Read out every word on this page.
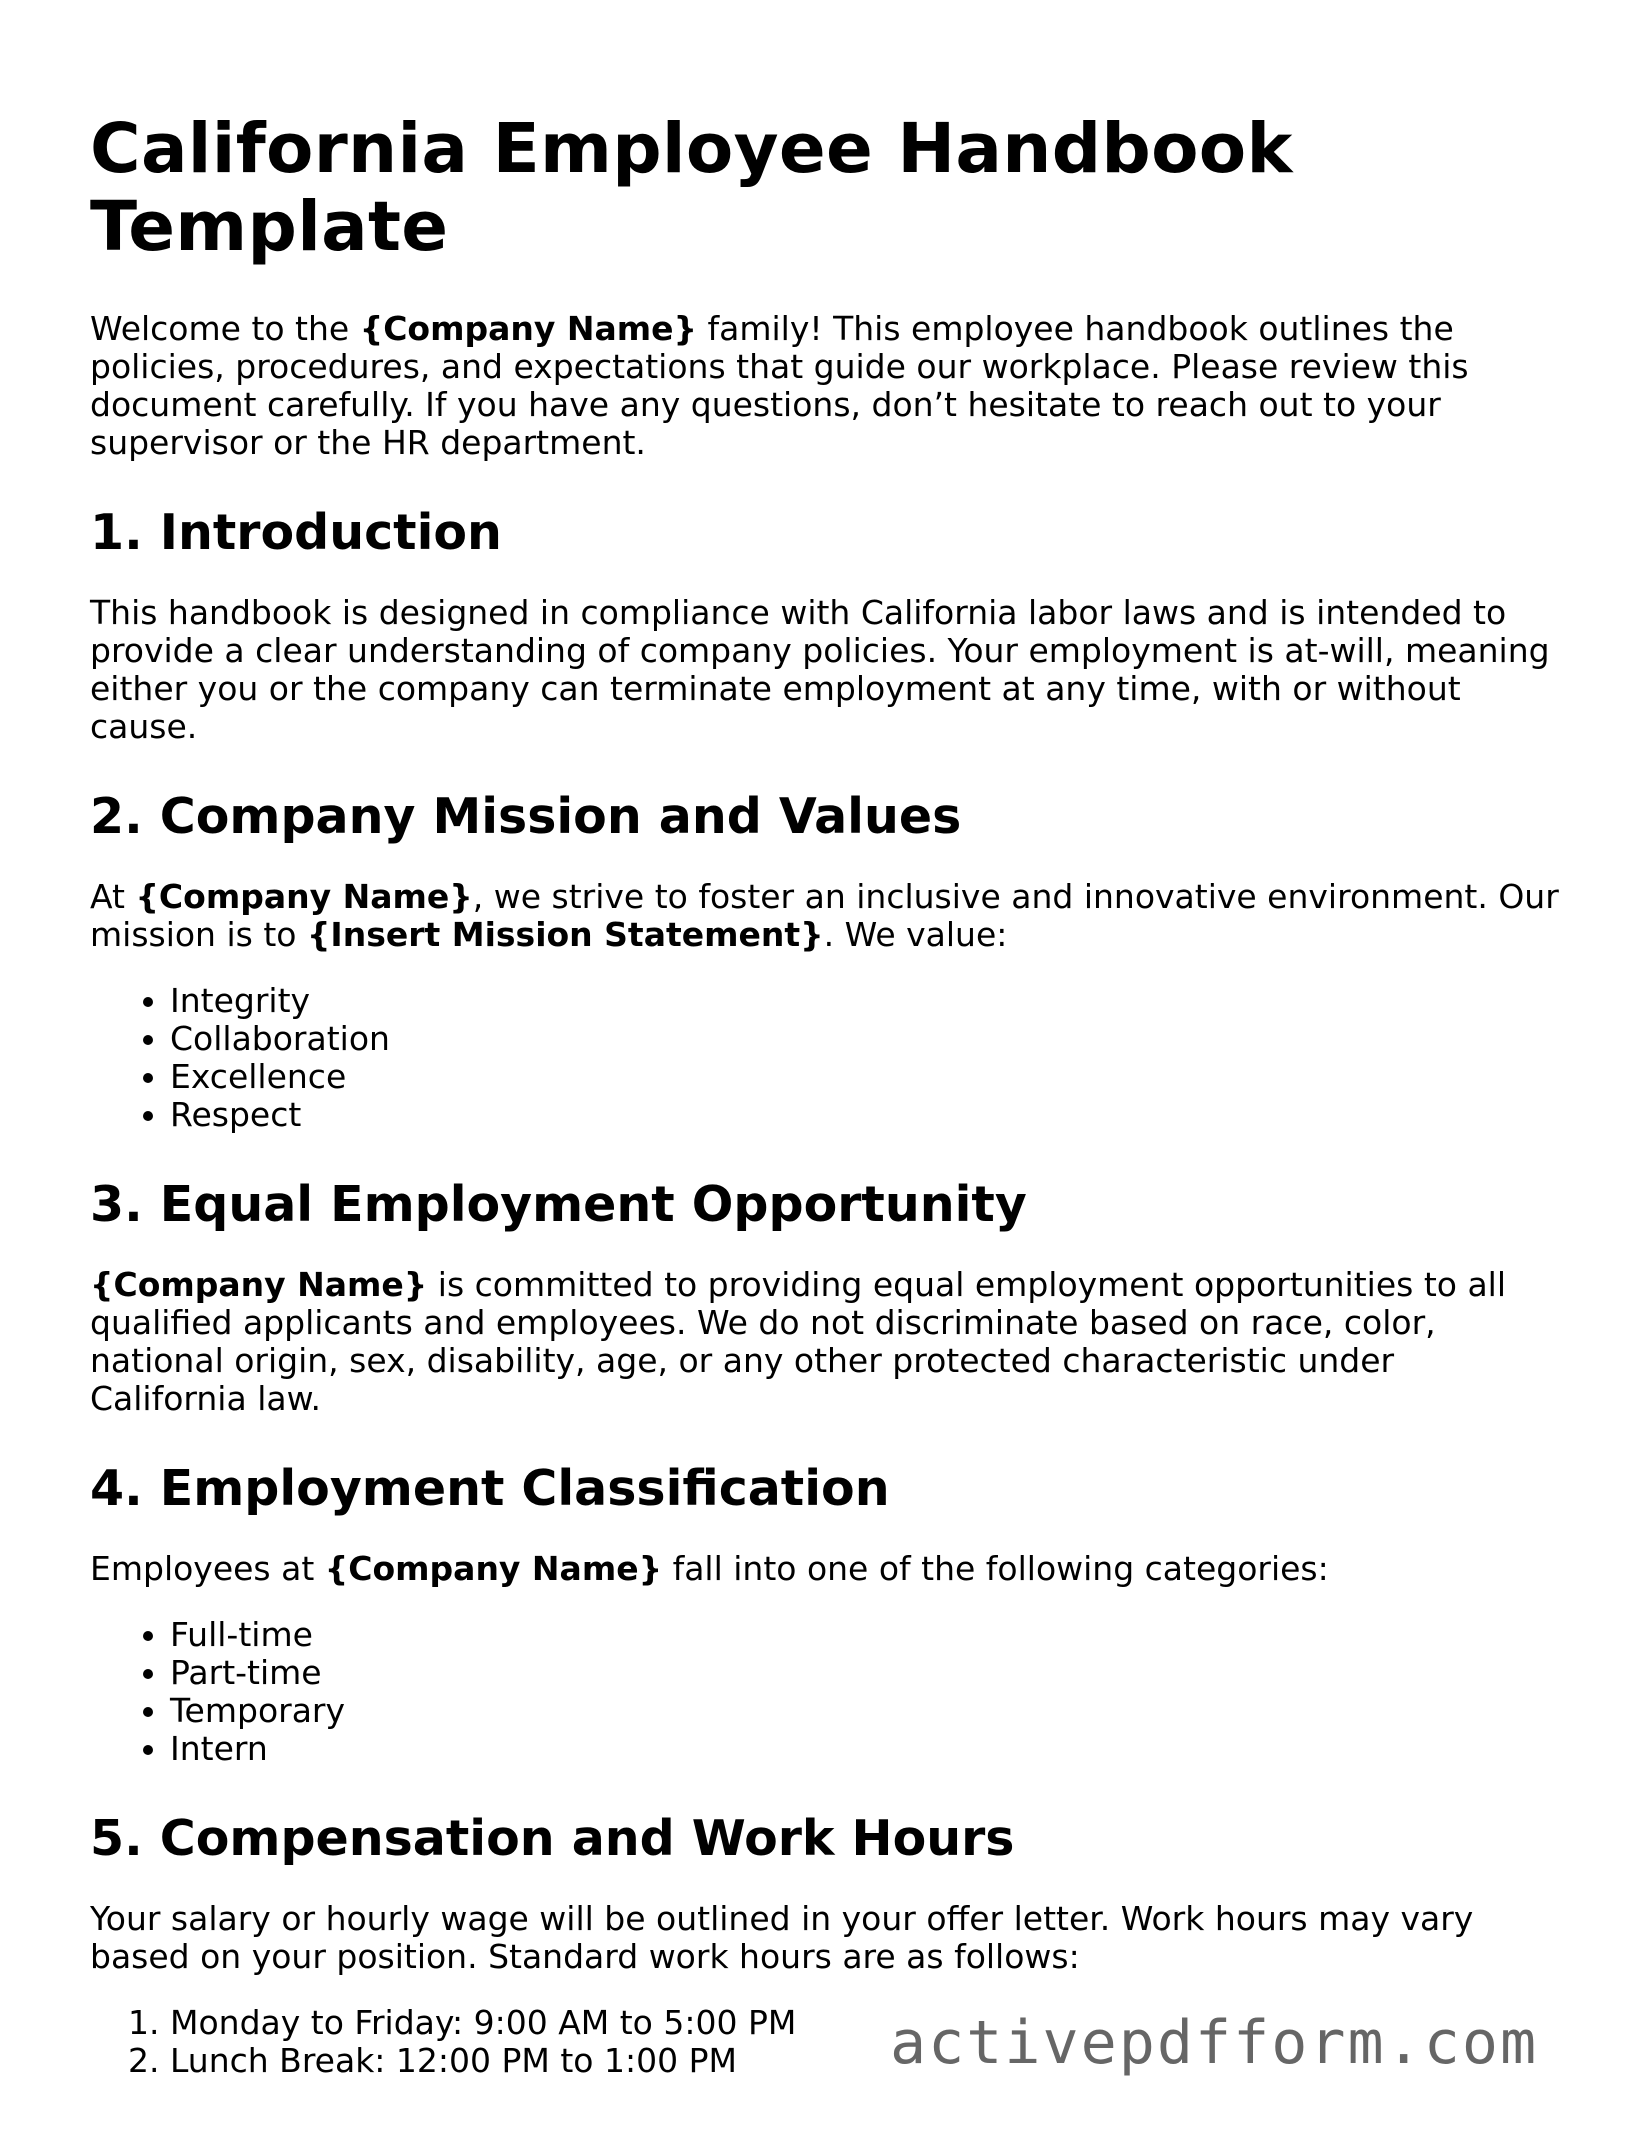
California Employee Handbook Template

Welcome to the {Company Name} family! This employee handbook outlines the policies, procedures, and expectations that guide our workplace. Please review this document carefully. If you have any questions, don’t hesitate to reach out to your supervisor or the HR department.

1. Introduction

This handbook is designed in compliance with California labor laws and is intended to provide a clear understanding of company policies. Your employment is at-will, meaning either you or the company can terminate employment at any time, with or without cause.

2. Company Mission and Values

At {Company Name}, we strive to foster an inclusive and innovative environment. Our mission is to {Insert Mission Statement}. We value:

• Integrity
• Collaboration
• Excellence
• Respect
3. Equal Employment Opportunity

{Company Name} is committed to providing equal employment opportunities to all qualified applicants and employees. We do not discriminate based on race, color, national origin, sex, disability, age, or any other protected characteristic under California law.

4. Employment Classification

Employees at {Company Name} fall into one of the following categories:

• Full-time
• Part-time
• Temporary
• Intern
5. Compensation and Work Hours

Your salary or hourly wage will be outlined in your offer letter. Work hours may vary based on your position. Standard work hours are as follows:

1. Monday to Friday: 9:00 AM to 5:00 PM
2. Lunch Break: 12:00 PM to 1:00 PM	activepdfform.com
